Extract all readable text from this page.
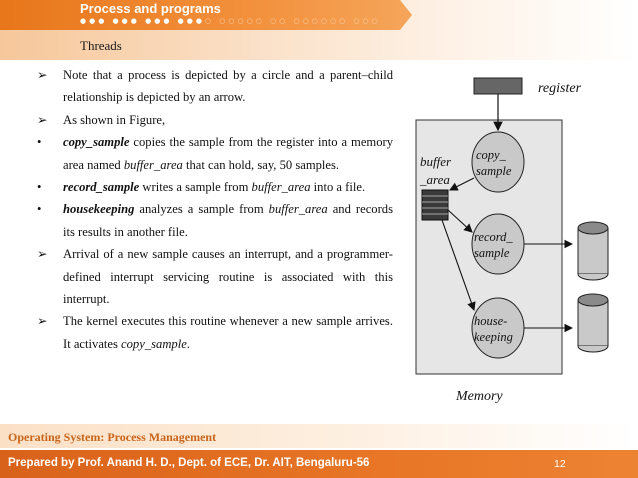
Process and programs
●●● ●●● ●●● ●●●○ ○○○○○ ○○ ○○○○○○ ○○○
Threads
➢	Note that a process is depicted by a circle and a parent–child relationship is depicted by an arrow.
➢	As shown in Figure,
•	copy_sample copies the sample from the register into a memory area named buffer_area that can hold, say, 50 samples.
•	record_sample writes a sample from buffer_area into a file.
•	housekeeping analyzes a sample from buffer_area and records its results in another file.
➢	Arrival of a new sample causes an interrupt, and a programmer-defined interrupt servicing routine is associated with this interrupt.
➢	The kernel executes this routine whenever a new sample arrives. It activates copy_sample.
register
buffer
_area
copy_
sample
record_
sample
house-
keeping
Memory
Operating System: Process Management
Prepared by Prof. Anand H. D., Dept. of ECE, Dr. AIT, Bengaluru-56	12
